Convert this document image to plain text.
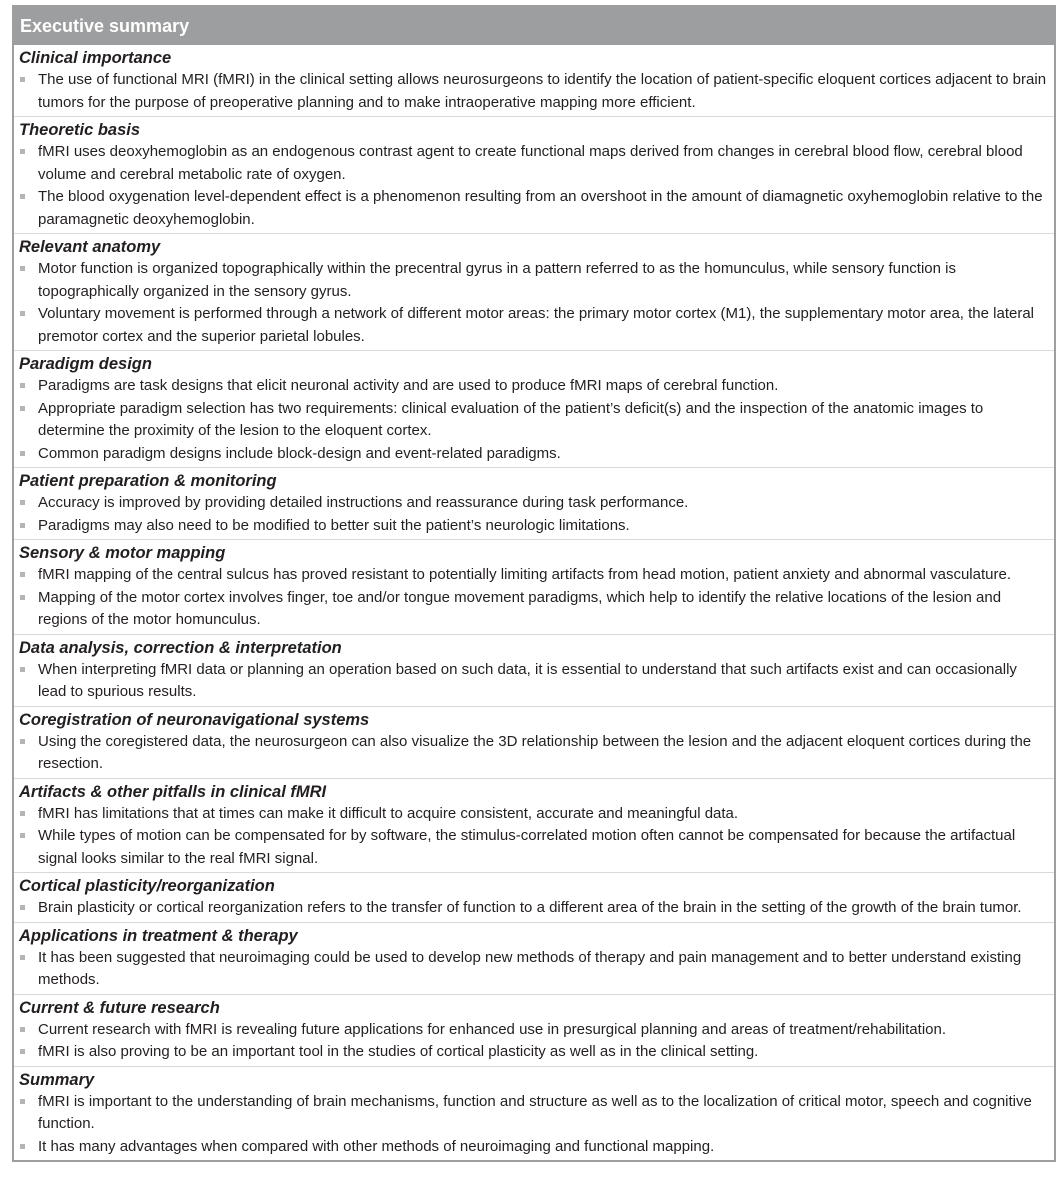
Executive summary
Clinical importance
The use of functional MRI (fMRI) in the clinical setting allows neurosurgeons to identify the location of patient-specific eloquent cortices adjacent to brain tumors for the purpose of preoperative planning and to make intraoperative mapping more efficient.
Theoretic basis
fMRI uses deoxyhemoglobin as an endogenous contrast agent to create functional maps derived from changes in cerebral blood flow, cerebral blood volume and cerebral metabolic rate of oxygen.
The blood oxygenation level-dependent effect is a phenomenon resulting from an overshoot in the amount of diamagnetic oxyhemoglobin relative to the paramagnetic deoxyhemoglobin.
Relevant anatomy
Motor function is organized topographically within the precentral gyrus in a pattern referred to as the homunculus, while sensory function is topographically organized in the sensory gyrus.
Voluntary movement is performed through a network of different motor areas: the primary motor cortex (M1), the supplementary motor area, the lateral premotor cortex and the superior parietal lobules.
Paradigm design
Paradigms are task designs that elicit neuronal activity and are used to produce fMRI maps of cerebral function.
Appropriate paradigm selection has two requirements: clinical evaluation of the patient’s deficit(s) and the inspection of the anatomic images to determine the proximity of the lesion to the eloquent cortex.
Common paradigm designs include block-design and event-related paradigms.
Patient preparation & monitoring
Accuracy is improved by providing detailed instructions and reassurance during task performance.
Paradigms may also need to be modified to better suit the patient’s neurologic limitations.
Sensory & motor mapping
fMRI mapping of the central sulcus has proved resistant to potentially limiting artifacts from head motion, patient anxiety and abnormal vasculature.
Mapping of the motor cortex involves finger, toe and/or tongue movement paradigms, which help to identify the relative locations of the lesion and regions of the motor homunculus.
Data analysis, correction & interpretation
When interpreting fMRI data or planning an operation based on such data, it is essential to understand that such artifacts exist and can occasionally lead to spurious results.
Coregistration of neuronavigational systems
Using the coregistered data, the neurosurgeon can also visualize the 3D relationship between the lesion and the adjacent eloquent cortices during the resection.
Artifacts & other pitfalls in clinical fMRI
fMRI has limitations that at times can make it difficult to acquire consistent, accurate and meaningful data.
While types of motion can be compensated for by software, the stimulus-correlated motion often cannot be compensated for because the artifactual signal looks similar to the real fMRI signal.
Cortical plasticity/reorganization
Brain plasticity or cortical reorganization refers to the transfer of function to a different area of the brain in the setting of the growth of the brain tumor.
Applications in treatment & therapy
It has been suggested that neuroimaging could be used to develop new methods of therapy and pain management and to better understand existing methods.
Current & future research
Current research with fMRI is revealing future applications for enhanced use in presurgical planning and areas of treatment/rehabilitation.
fMRI is also proving to be an important tool in the studies of cortical plasticity as well as in the clinical setting.
Summary
fMRI is important to the understanding of brain mechanisms, function and structure as well as to the localization of critical motor, speech and cognitive function.
It has many advantages when compared with other methods of neuroimaging and functional mapping.
